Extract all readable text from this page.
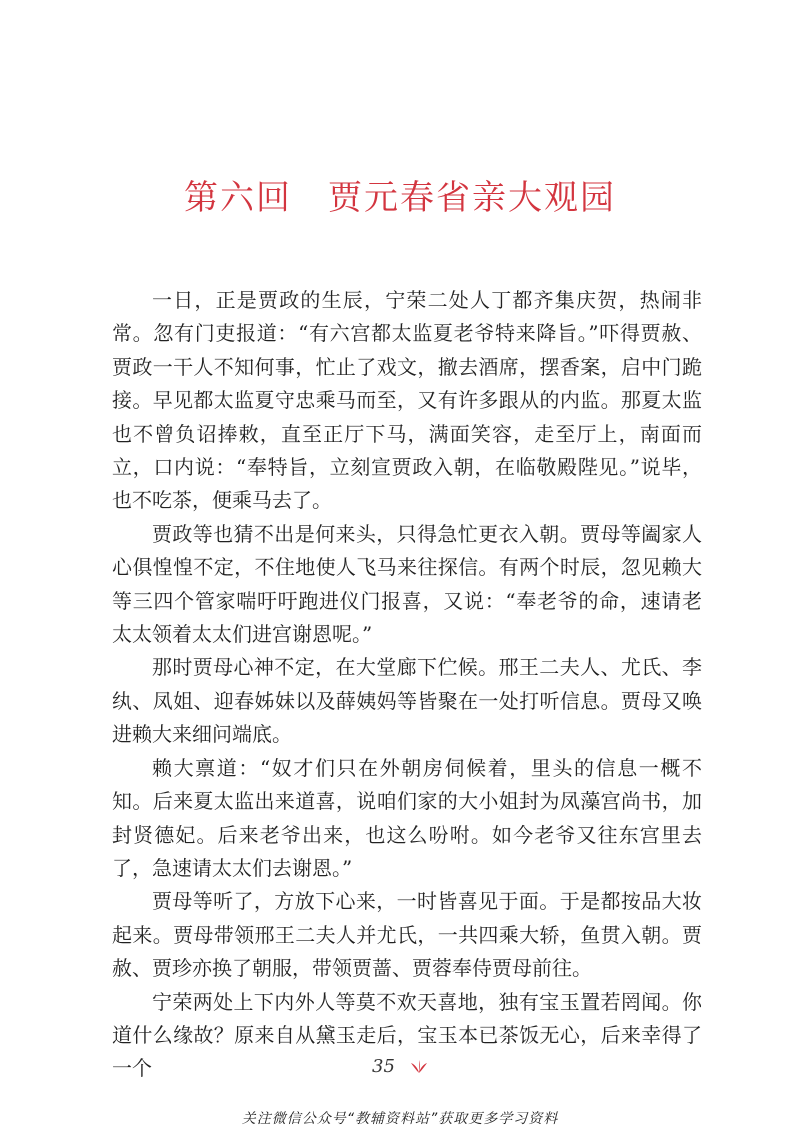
第六回　贾元春省亲大观园

一日，正是贾政的生辰，宁荣二处人丁都齐集庆贺，热闹非常。忽有门吏报道：“有六宫都太监夏老爷特来降旨。”吓得贾赦、贾政一干人不知何事，忙止了戏文，撤去酒席，摆香案，启中门跪接。早见都太监夏守忠乘马而至，又有许多跟从的内监。那夏太监也不曾负诏捧敕，直至正厅下马，满面笑容，走至厅上，南面而立，口内说：“奉特旨，立刻宣贾政入朝，在临敬殿陛见。”说毕，也不吃茶，便乘马去了。

贾政等也猜不出是何来头，只得急忙更衣入朝。贾母等阖家人心俱惶惶不定，不住地使人飞马来往探信。有两个时辰，忽见赖大等三四个管家喘吁吁跑进仪门报喜，又说：“奉老爷的命，速请老太太领着太太们进宫谢恩呢。”

那时贾母心神不定，在大堂廊下伫候。邢王二夫人、尤氏、李纨、凤姐、迎春姊妹以及薛姨妈等皆聚在一处打听信息。贾母又唤进赖大来细问端底。

赖大禀道：“奴才们只在外朝房伺候着，里头的信息一概不知。后来夏太监出来道喜，说咱们家的大小姐封为凤藻宫尚书，加封贤德妃。后来老爷出来，也这么吩咐。如今老爷又往东宫里去了，急速请太太们去谢恩。”

贾母等听了，方放下心来，一时皆喜见于面。于是都按品大妆起来。贾母带领邢王二夫人并尤氏，一共四乘大轿，鱼贯入朝。贾赦、贾珍亦换了朝服，带领贾蔷、贾蓉奉侍贾母前往。

宁荣两处上下内外人等莫不欢天喜地，独有宝玉置若罔闻。你道什么缘故？原来自从黛玉走后，宝玉本已茶饭无心，后来幸得了一个	35
关注微信公众号“教辅资料站”获取更多学习资料
